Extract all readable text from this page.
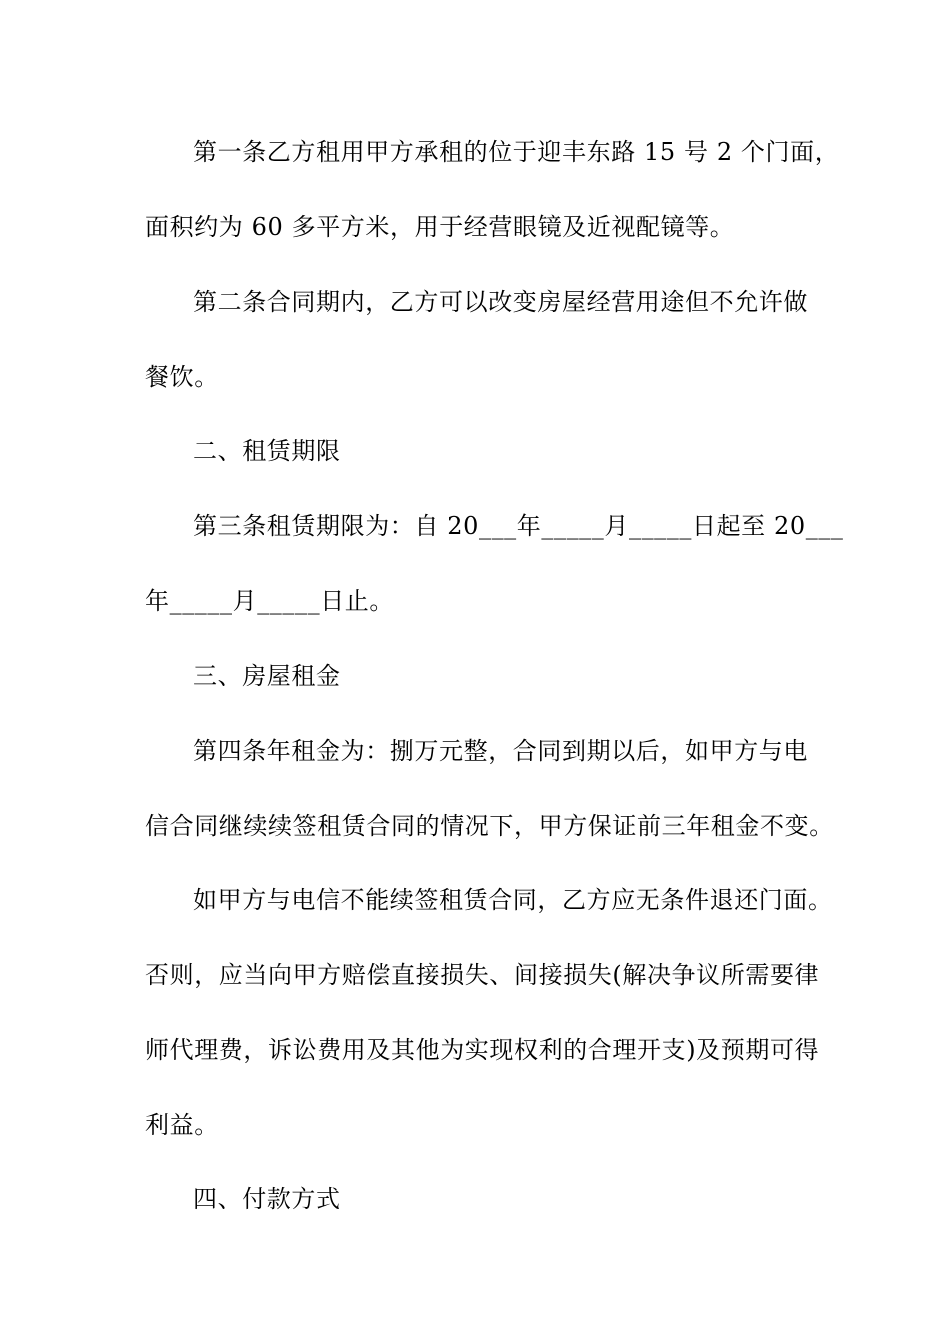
第一条乙方租用甲方承租的位于迎丰东路 15 号 2 个门面，
面积约为 60 多平方米，用于经营眼镜及近视配镜等。
第二条合同期内，乙方可以改变房屋经营用途但不允许做
餐饮。
二、租赁期限
第三条租赁期限为：自 20___年_____月_____日起至 20___
年_____月_____日止。
三、房屋租金
第四条年租金为：捌万元整，合同到期以后，如甲方与电
信合同继续续签租赁合同的情况下，甲方保证前三年租金不变。
如甲方与电信不能续签租赁合同，乙方应无条件退还门面。
否则，应当向甲方赔偿直接损失、间接损失(解决争议所需要律
师代理费，诉讼费用及其他为实现权利的合理开支)及预期可得
利益。
四、付款方式
